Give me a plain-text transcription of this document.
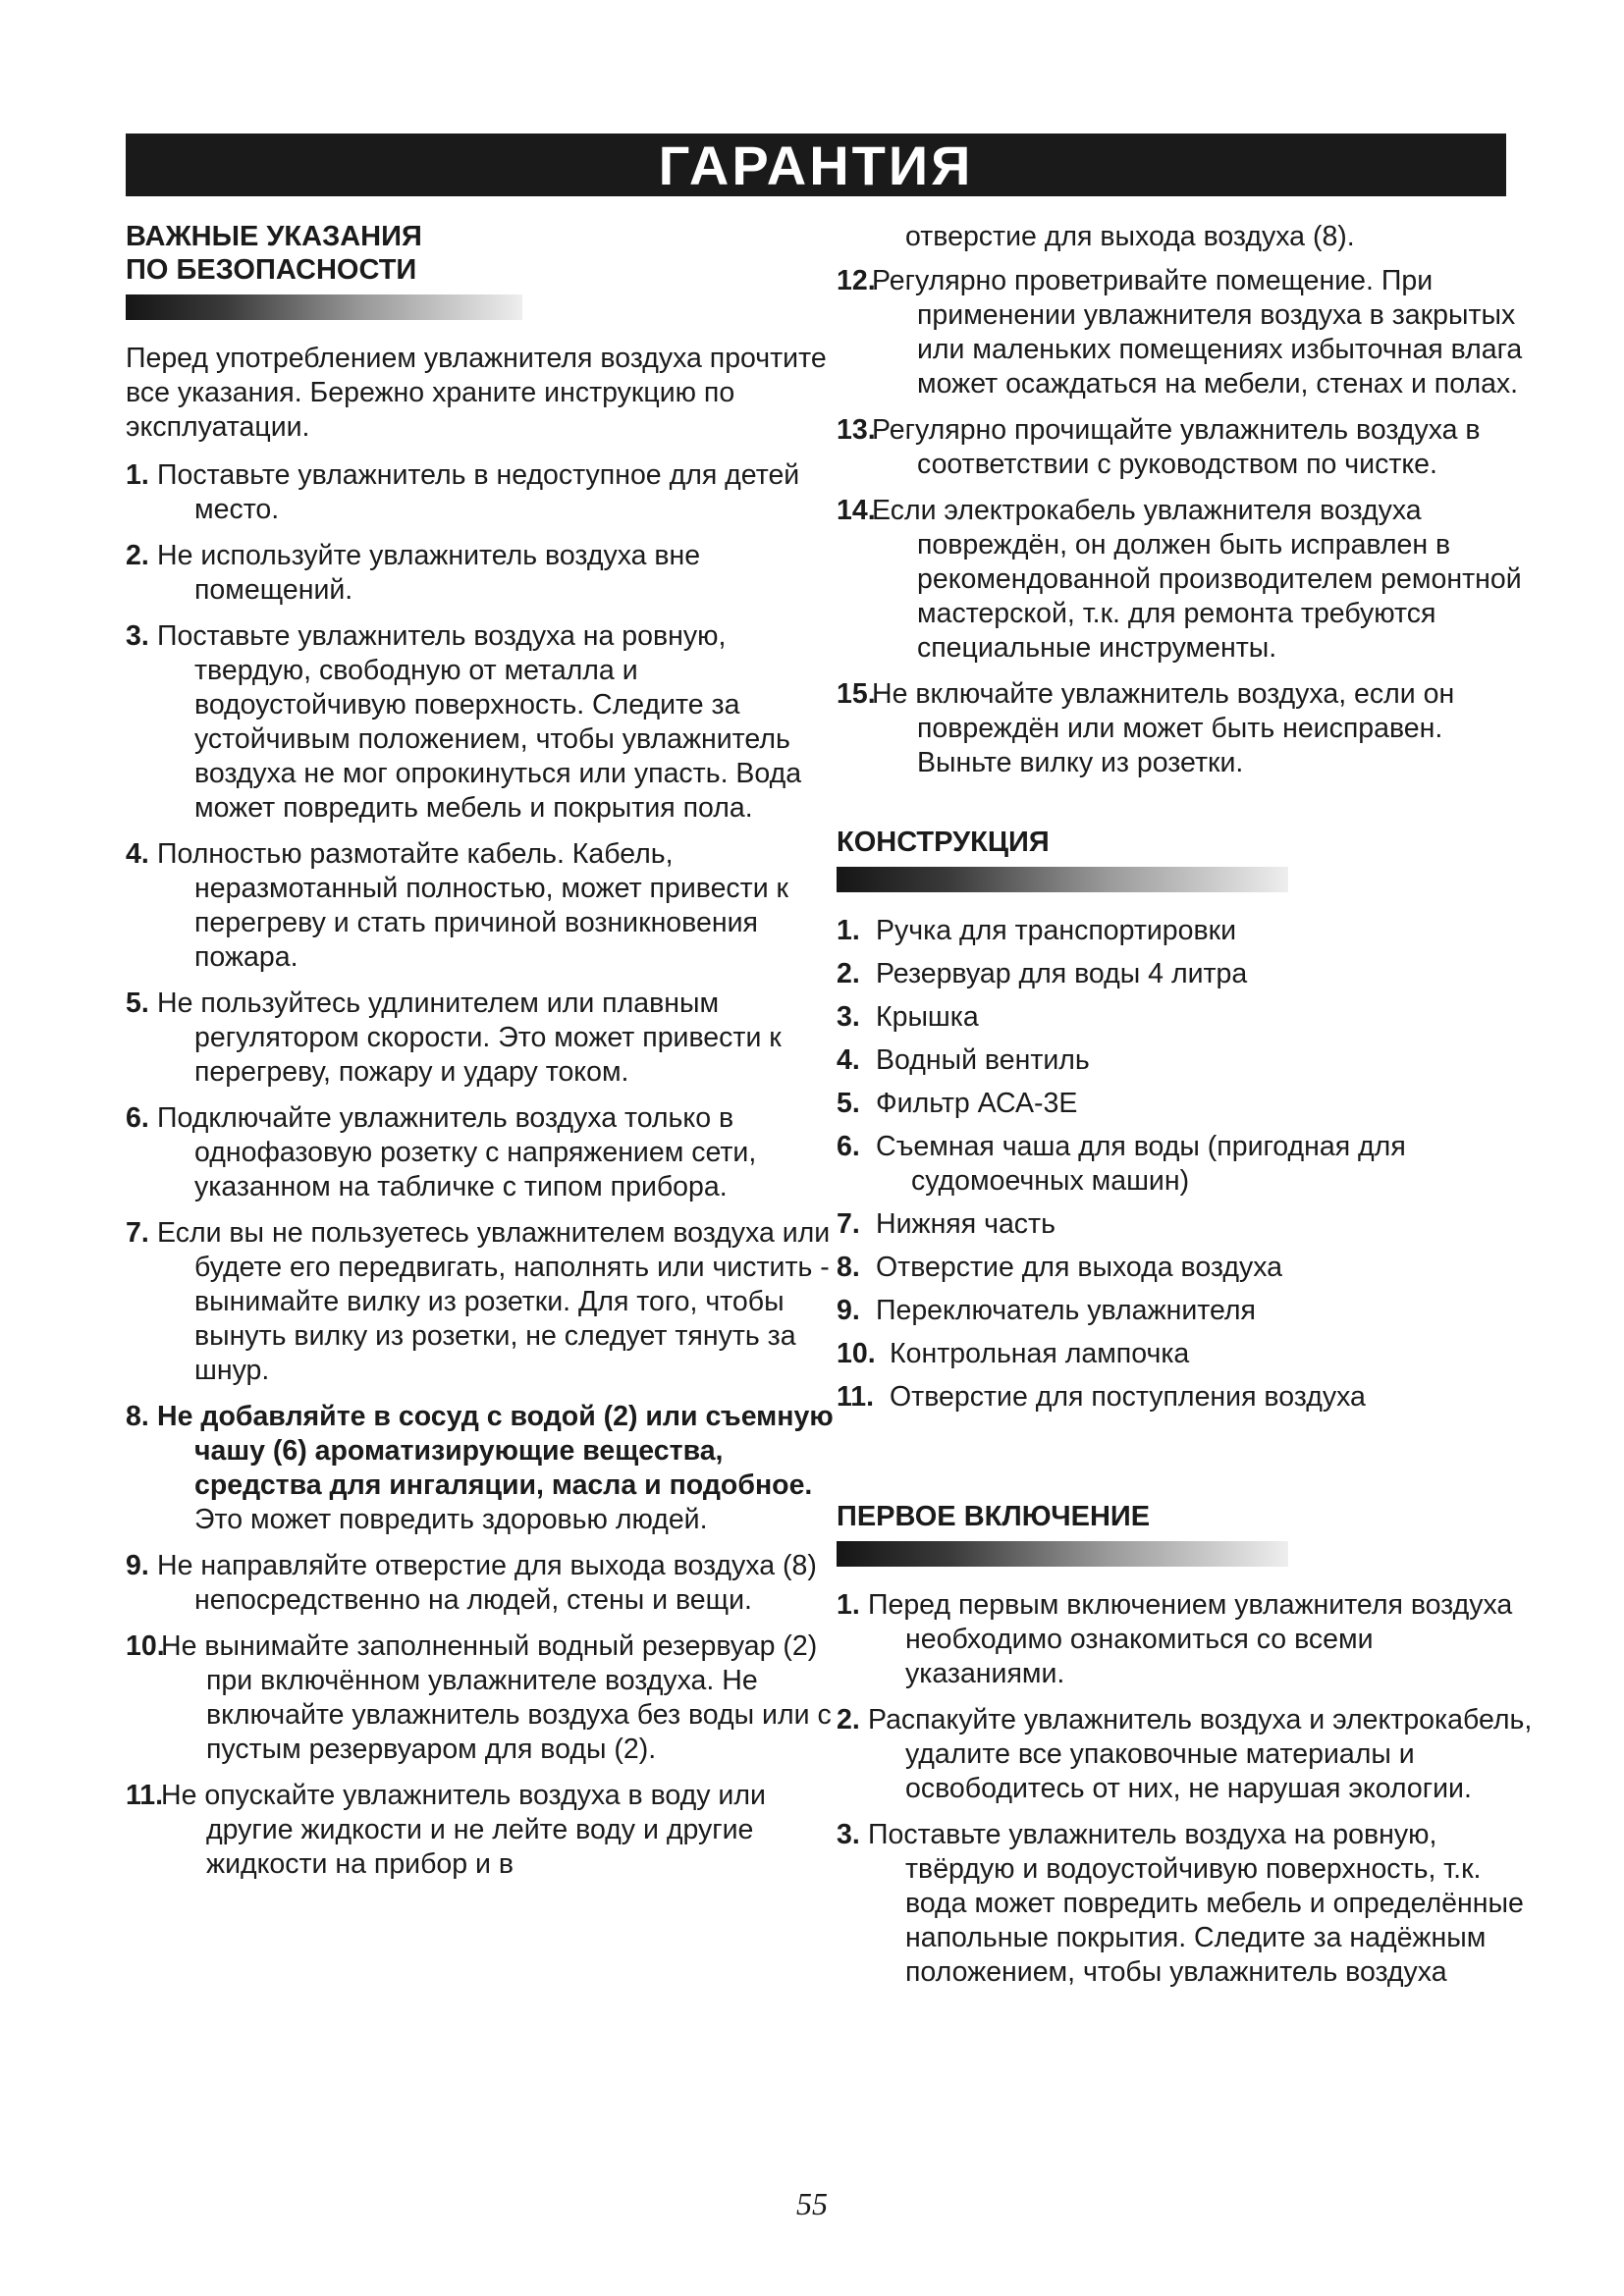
ГАРАНТИЯ
ВАЖНЫЕ УКАЗАНИЯ
ПО БЕЗОПАСНОСТИ

Перед употреблением увлажнителя воздуха прочтите все указания. Бережно храните инструкцию по эксплуатации.

1. Поставьте увлажнитель в недоступное для детей место.
2. Не используйте увлажнитель воздуха вне помещений.
3. Поставьте увлажнитель воздуха на ровную, твердую, свободную от металла и водоустойчивую поверхность. Следите за устойчивым положением, чтобы увлажнитель воздуха не мог опрокинуться или упасть. Вода может повредить мебель и покрытия пола.
4. Полностью размотайте кабель. Кабель, неразмотанный полностью, может привести к перегреву и стать причиной возникновения пожара.
5. Не пользуйтесь удлинителем или плавным регулятором скорости. Это может привести к перегреву, пожару и удару током.
6. Подключайте увлажнитель воздуха только в однофазовую розетку с напряжением сети, указанном на табличке с типом прибора.
7. Если вы не пользуетесь увлажнителем воздуха или будете его передвигать, наполнять или чистить - вынимайте вилку из розетки. Для того, чтобы вынуть вилку из розетки, не следует тянуть за шнур.
8. Не добавляйте в сосуд с водой (2) или съемную чашу (6) ароматизирующие вещества, средства для ингаляции, масла и подобное. Это может повредить здоровью людей.
9. Не направляйте отверстие для выхода воздуха (8) непосредственно на людей, стены и вещи.
10.
Не вынимайте заполненный водный резервуар (2) при включённом увлажнителе воздуха. Не включайте увлажнитель воздуха без воды или с пустым резервуаром для воды (2).
11.
Не опускайте увлажнитель воздуха в воду или другие жидкости и не лейте воду и другие жидкости на прибор и в

отверстие для выхода воздуха (8).

12.
Регулярно проветривайте помещение. При применении увлажнителя воздуха в закрытых или маленьких помещениях избыточная влага может осаждаться на мебели, стенах и полах.
13.
Регулярно прочищайте увлажнитель воздуха в соответствии с руководством по чистке.
14.
Если электрокабель увлажнителя воздуха повреждён, он должен быть исправлен в рекомендованной производителем ремонтной мастерской, т.к. для ремонта требуются специальные инструменты.
15.
Не включайте увлажнитель воздуха, если он повреждён или может быть неисправен. Выньте вилку из розетки.
КОНСТРУКЦИЯ
1. Ручка для транспортировки
2. Резервуар для воды 4 литра
3. Крышка
4. Водный вентиль
5. Фильтр АСА-3Е
6. Съемная чаша для воды (пригодная для судомоечных машин)
7. Нижняя часть
8. Отверстие для выхода воздуха
9. Переключатель увлажнителя
10. Контрольная лампочка
11. Отверстие для поступления воздуха
ПЕРВОЕ ВКЛЮЧЕНИЕ
1. Перед первым включением увлажнителя воздуха необходимо ознакомиться со всеми указаниями.
2. Распакуйте увлажнитель воздуха и электрокабель, удалите все упаковочные материалы и освободитесь от них, не нарушая экологии.
3. Поставьте увлажнитель воздуха на ровную, твёрдую и водоустойчивую поверхность, т.к. вода может повредить мебель и определённые напольные покрытия. Следите за надёжным положением, чтобы увлажнитель воздуха
55
